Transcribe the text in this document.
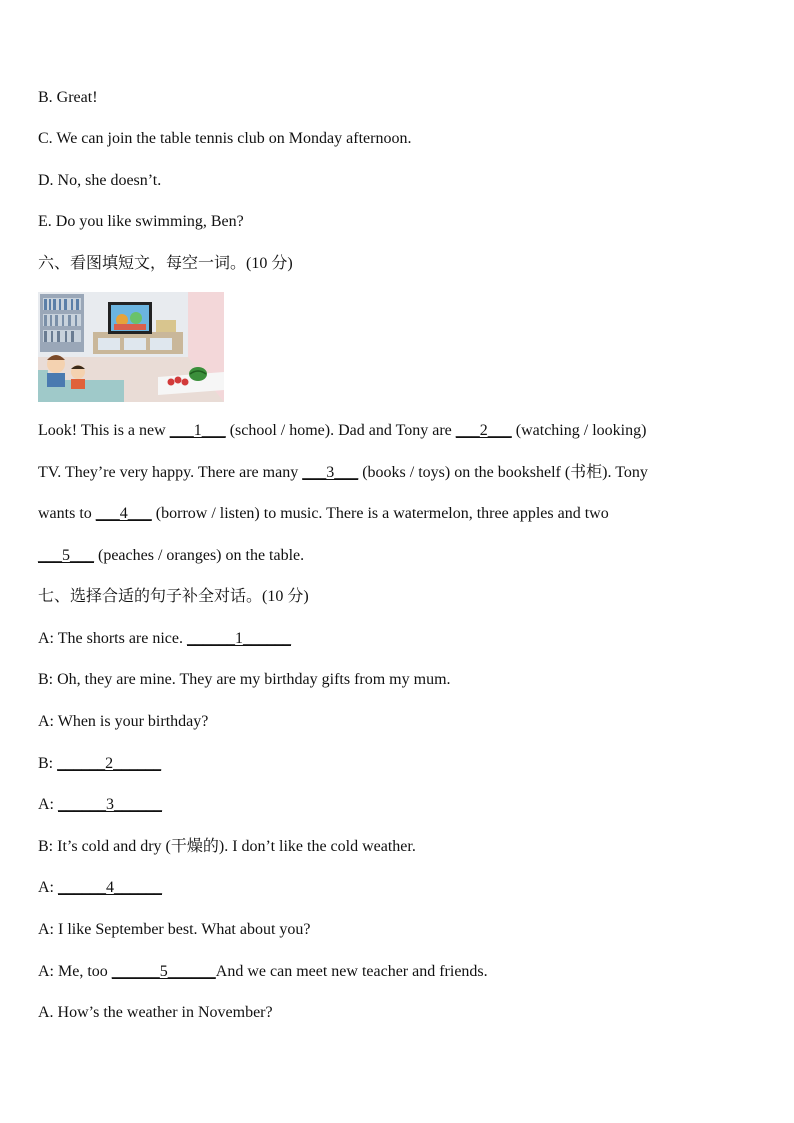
B. Great!
C. We can join the table tennis club on Monday afternoon.
D. No, she doesn’t.
E. Do you like swimming, Ben?
六、看图填短文，每空一词。(10 分)
Look! This is a new ___1___ (school / home). Dad and Tony are ___2___ (watching / looking)
TV. They’re very happy. There are many ___3___ (books / toys) on the bookshelf (书柜). Tony
wants to ___4___ (borrow / listen) to music. There is a watermelon, three apples and two
___5___ (peaches / oranges) on the table.
七、选择合适的句子补全对话。(10 分)
A: The shorts are nice. ______1______
B: Oh, they are mine. They are my birthday gifts from my mum.
A: When is your birthday?
B: ______2______
A: ______3______
B: It’s cold and dry (干燥的). I don’t like the cold weather.
A: ______4______
A: I like September best. What about you?
A: Me, too ______5______And we can meet new teacher and friends.
A. How’s the weather in November?
